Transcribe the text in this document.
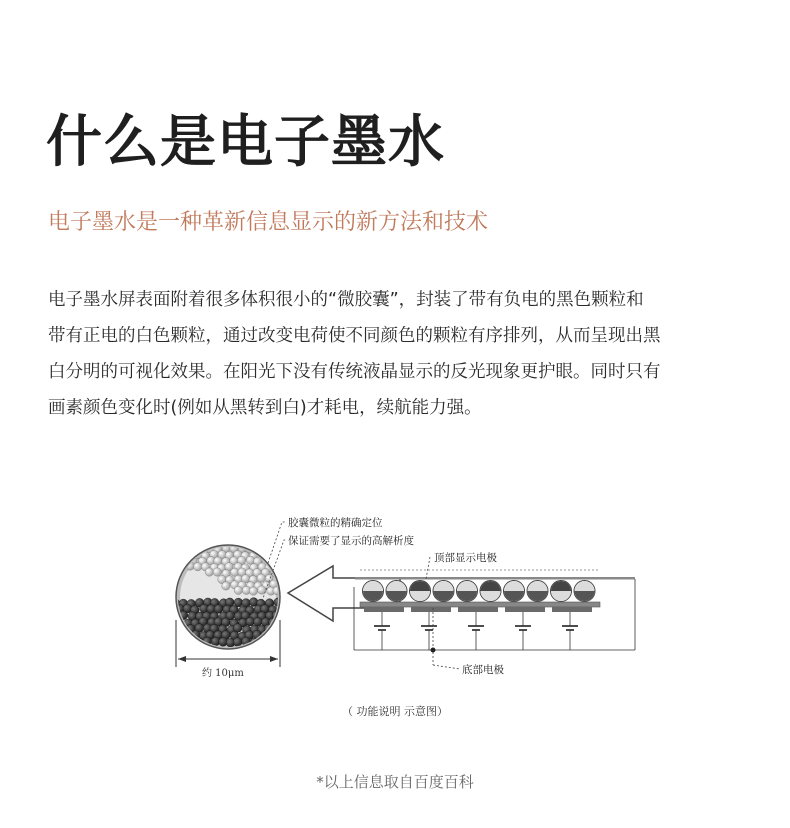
什么是电子墨水
电子墨水是一种革新信息显示的新方法和技术
电子墨水屏表面附着很多体积很小的“微胶囊”，封装了带有负电的黑色颗粒和
带有正电的白色颗粒，通过改变电荷使不同颜色的颗粒有序排列，从而呈现出黑
白分明的可视化效果。在阳光下没有传统液晶显示的反光现象更护眼。同时只有
画素颜色变化时(例如从黑转到白)才耗电，续航能力强。
约 10μm
胶囊微粒的精确定位
保证需要了显示的高解析度
顶部显示电极
底部电极
（ 功能说明 示意图）
*以上信息取自百度百科
